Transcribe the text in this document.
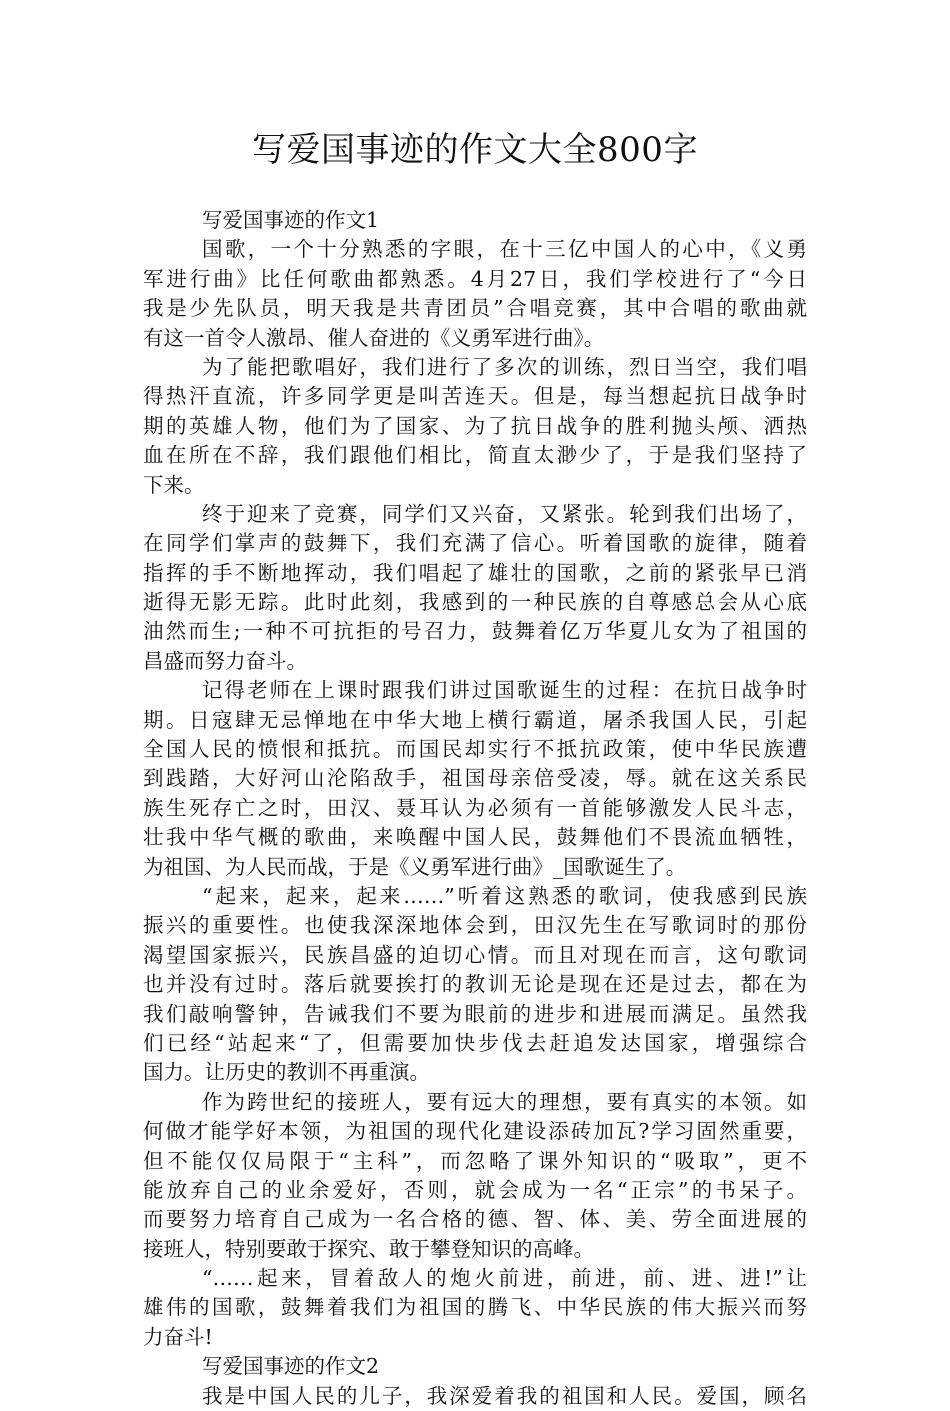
写爱国事迹的作文大全800字
写爱国事迹的作文1
国歌，一个十分熟悉的字眼，在十三亿中国人的心中，《义勇
军进行曲》比任何歌曲都熟悉。4月27日，我们学校进行了“今日
我是少先队员，明天我是共青团员”合唱竞赛，其中合唱的歌曲就
有这一首令人激昂、催人奋进的《义勇军进行曲》。
为了能把歌唱好，我们进行了多次的训练，烈日当空，我们唱
得热汗直流，许多同学更是叫苦连天。但是，每当想起抗日战争时
期的英雄人物，他们为了国家、为了抗日战争的胜利抛头颅、洒热
血在所在不辞，我们跟他们相比，简直太渺少了，于是我们坚持了
下来。
终于迎来了竞赛，同学们又兴奋，又紧张。轮到我们出场了，
在同学们掌声的鼓舞下，我们充满了信心。听着国歌的旋律，随着
指挥的手不断地挥动，我们唱起了雄壮的国歌，之前的紧张早已消
逝得无影无踪。此时此刻，我感到的一种民族的自尊感总会从心底
油然而生;一种不可抗拒的号召力，鼓舞着亿万华夏儿女为了祖国的
昌盛而努力奋斗。
记得老师在上课时跟我们讲过国歌诞生的过程：在抗日战争时
期。日寇肆无忌惮地在中华大地上横行霸道，屠杀我国人民，引起
全国人民的愤恨和抵抗。而国民却实行不抵抗政策，使中华民族遭
到践踏，大好河山沦陷敌手，祖国母亲倍受凌，辱。就在这关系民
族生死存亡之时，田汉、聂耳认为必须有一首能够激发人民斗志，
壮我中华气概的歌曲，来唤醒中国人民，鼓舞他们不畏流血牺牲，
为祖国、为人民而战，于是《义勇军进行曲》_国歌诞生了。
“起来，起来，起来……”听着这熟悉的歌词，使我感到民族
振兴的重要性。也使我深深地体会到，田汉先生在写歌词时的那份
渴望国家振兴，民族昌盛的迫切心情。而且对现在而言，这句歌词
也并没有过时。落后就要挨打的教训无论是现在还是过去，都在为
我们敲响警钟，告诫我们不要为眼前的进步和进展而满足。虽然我
们已经“站起来“了，但需要加快步伐去赶追发达国家，增强综合
国力。让历史的教训不再重演。
作为跨世纪的接班人，要有远大的理想，要有真实的本领。如
何做才能学好本领，为祖国的现代化建设添砖加瓦?学习固然重要，
但不能仅仅局限于“主科”，而忽略了课外知识的“吸取”，更不
能放弃自己的业余爱好，否则，就会成为一名“正宗”的书呆子。
而要努力培育自己成为一名合格的德、智、体、美、劳全面进展的
接班人，特别要敢于探究、敢于攀登知识的高峰。
“……起来，冒着敌人的炮火前进，前进，前、进、进!”让
雄伟的国歌，鼓舞着我们为祖国的腾飞、中华民族的伟大振兴而努
力奋斗!
写爱国事迹的作文2
我是中国人民的儿子，我深爱着我的祖国和人民。爱国，顾名
